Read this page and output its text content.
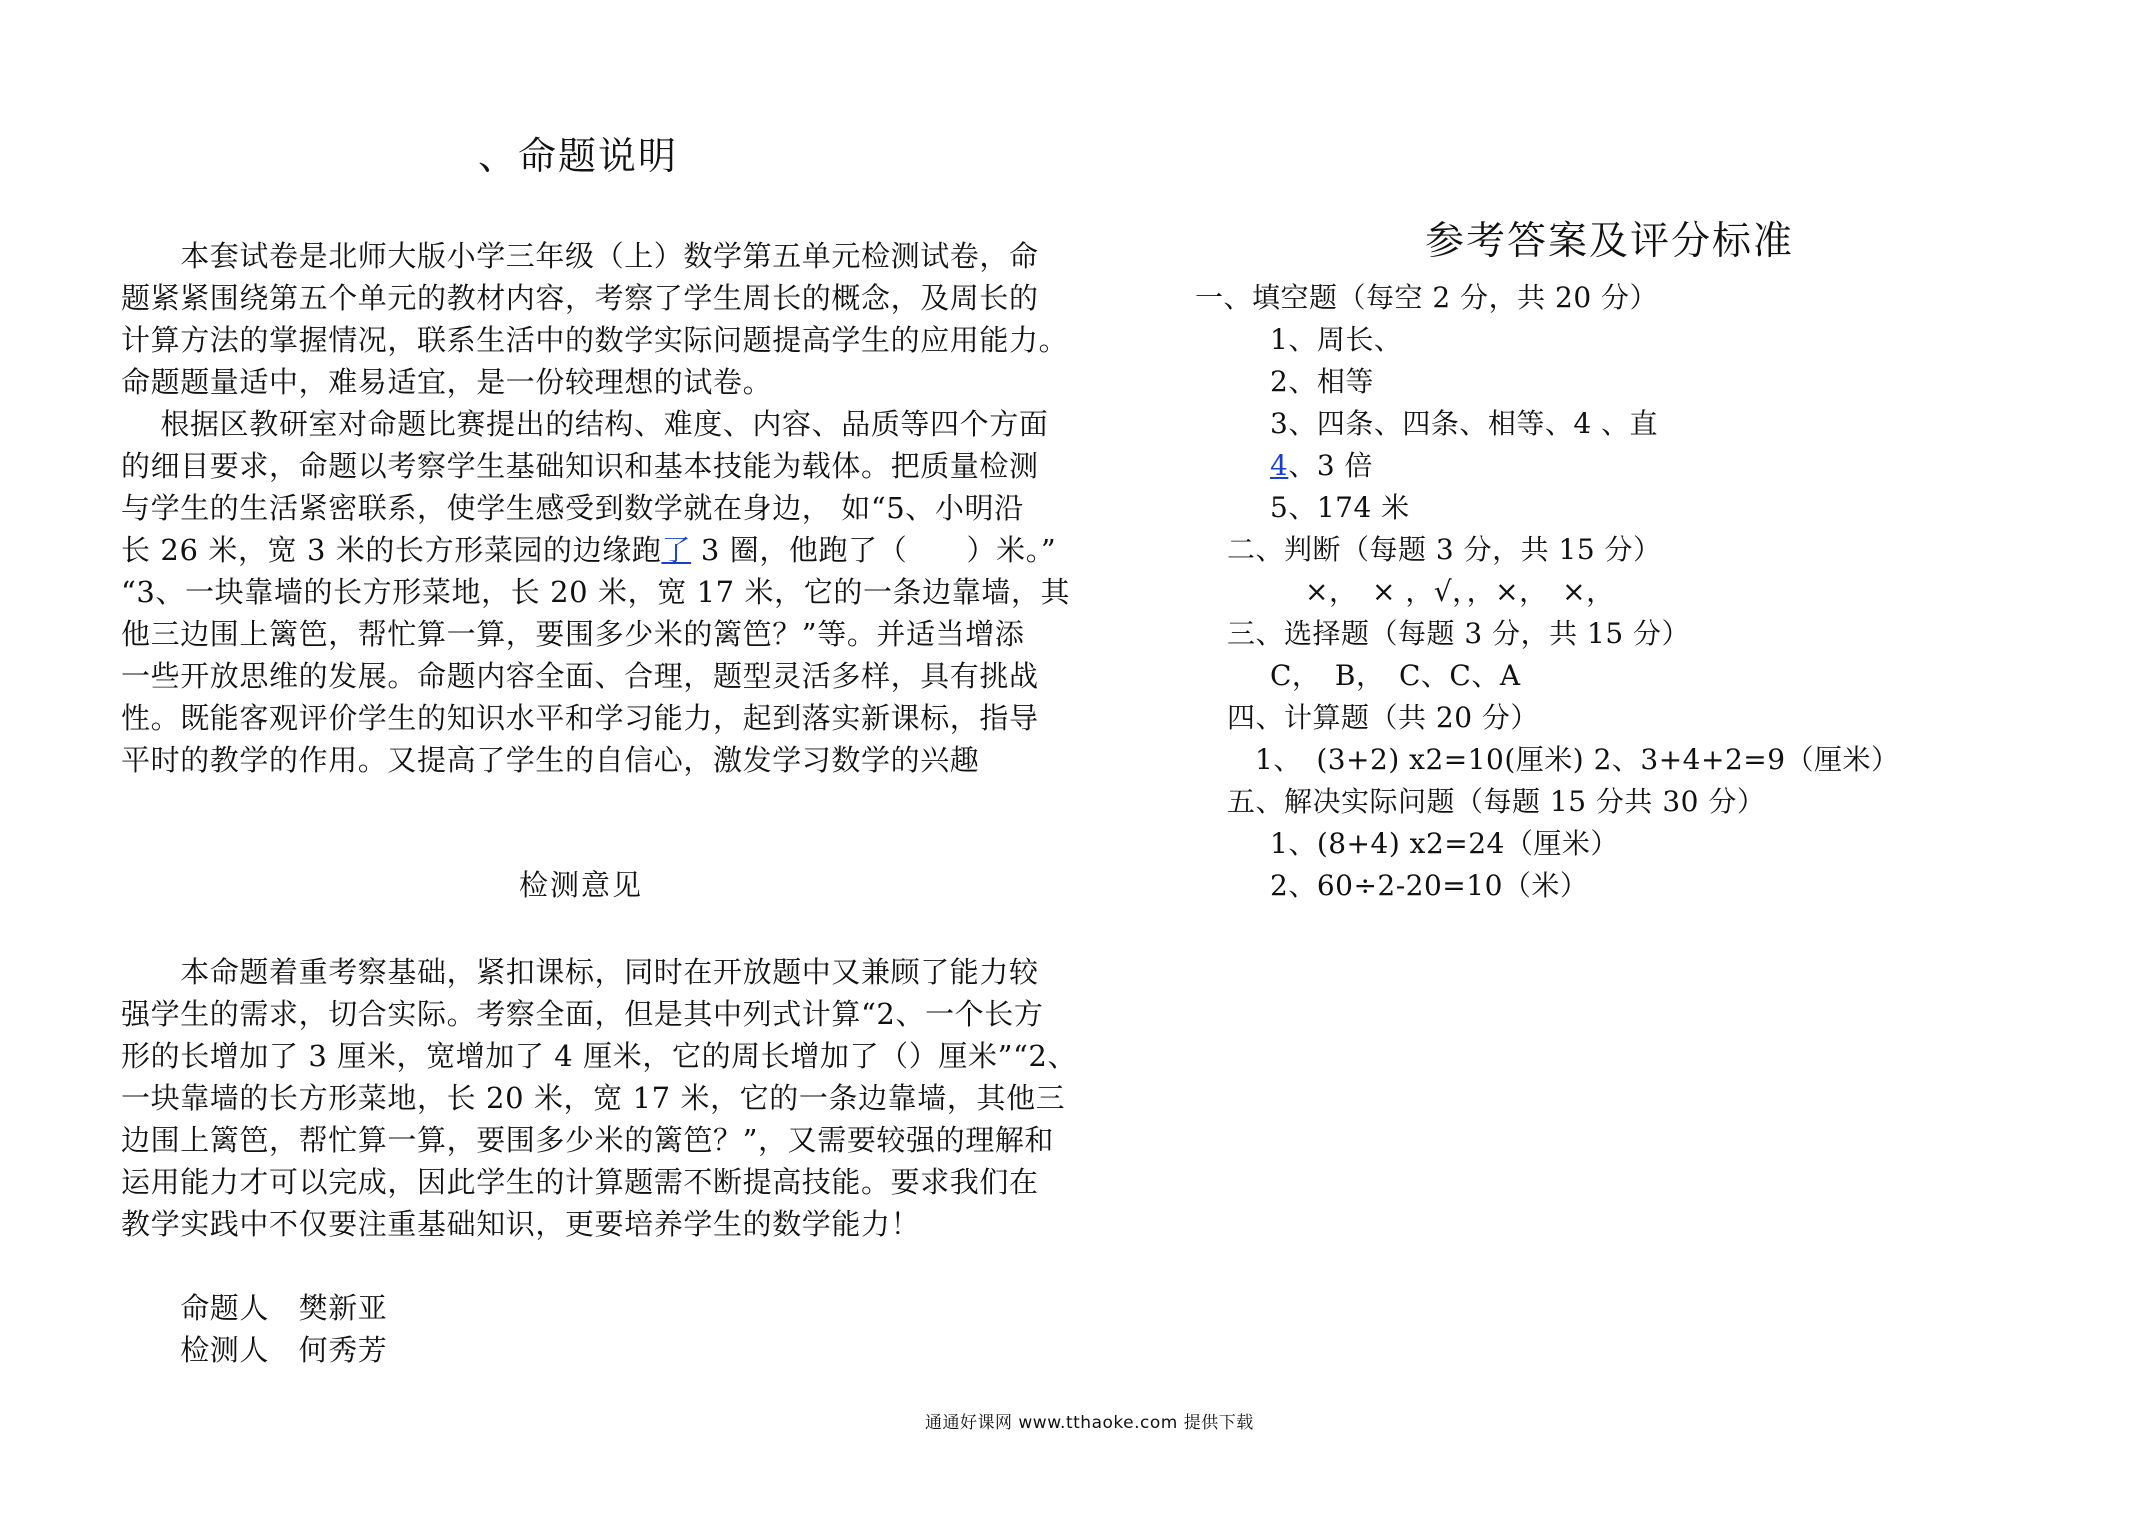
、命题说明
　　本套试卷是北师大版小学三年级（上）数学第五单元检测试卷，命
题紧紧围绕第五个单元的教材内容，考察了学生周长的概念，及周长的
计算方法的掌握情况，联系生活中的数学实际问题提高学生的应用能力。
命题题量适中，难易适宜，是一份较理想的试卷。
　 根据区教研室对命题比赛提出的结构、难度、内容、品质等四个方面
的细目要求，命题以考察学生基础知识和基本技能为载体。把质量检测
与学生的生活紧密联系，使学生感受到数学就在身边， 如“5、小明沿
长 26 米，宽 3 米的长方形菜园的边缘跑了 3 圈，他跑了（　　）米。”
“3、一块靠墙的长方形菜地，长 20 米，宽 17 米，它的一条边靠墙，其
他三边围上篱笆，帮忙算一算，要围多少米的篱笆？”等。并适当增添
一些开放思维的发展。命题内容全面、合理，题型灵活多样，具有挑战
性。既能客观评价学生的知识水平和学习能力，起到落实新课标，指导
平时的教学的作用。又提高了学生的自信心，激发学习数学的兴趣
检测意见
　　本命题着重考察基础，紧扣课标，同时在开放题中又兼顾了能力较
强学生的需求，切合实际。考察全面，但是其中列式计算“2、一个长方
形的长增加了 3 厘米，宽增加了 4 厘米，它的周长增加了（）厘米”“2、
一块靠墙的长方形菜地，长 20 米，宽 17 米，它的一条边靠墙，其他三
边围上篱笆，帮忙算一算，要围多少米的篱笆？”，又需要较强的理解和
运用能力才可以完成，因此学生的计算题需不断提高技能。要求我们在
教学实践中不仅要注重基础知识，更要培养学生的数学能力！
　　命题人　樊新亚
　　检测人　何秀芳
参考答案及评分标准
一、填空题（每空 2 分，共 20 分）
1、周长、
2、相等
3、四条、四条、相等、4 、直
4、3 倍
5、174 米
二、判断（每题 3 分，共 15 分）
×，　× ，√，，×，　×，
三、选择题（每题 3 分，共 15 分）
C，　B，　C、C、A
四、计算题（共 20 分）
1、　(3+2) x2=10(厘米) 2、3+4+2=9（厘米）
五、解决实际问题（每题 15 分共 30 分）
1、(8+4) x2=24（厘米）
2、60÷2-20=10（米）
通通好课网 www.tthaoke.com 提供下载
